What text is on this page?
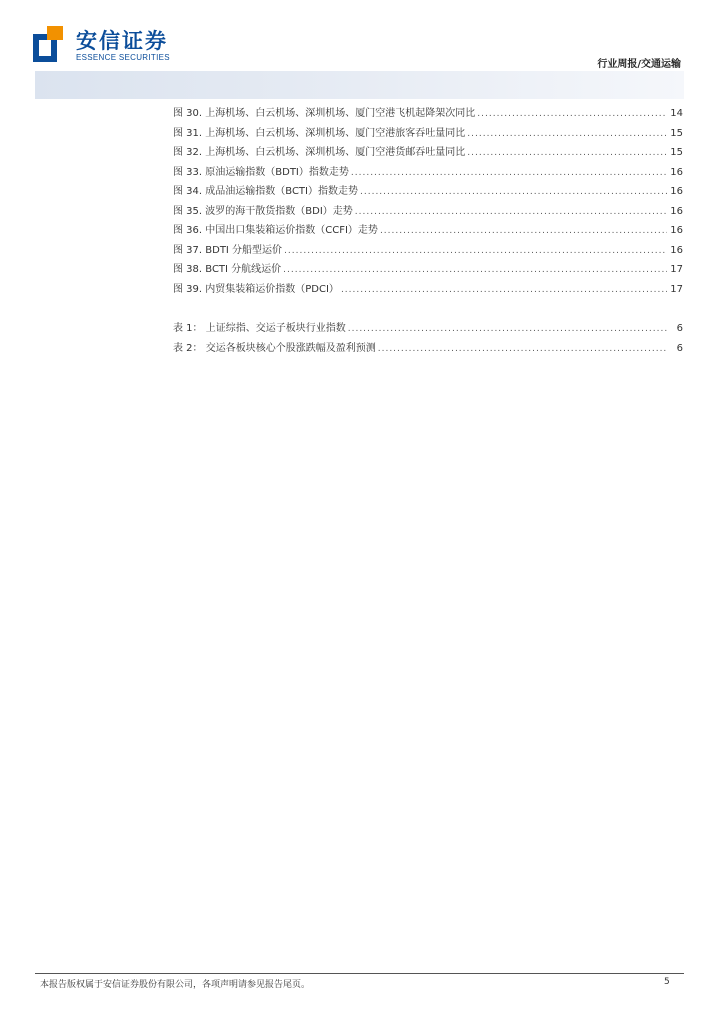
安信证券
ESSENCE SECURITIES
行业周报/交通运输
图 30. 上海机场、白云机场、深圳机场、厦门空港飞机起降架次同比 .....	14
图 31. 上海机场、白云机场、深圳机场、厦门空港旅客吞吐量同比 .....	15
图 32. 上海机场、白云机场、深圳机场、厦门空港货邮吞吐量同比 .....	15
图 33. 原油运输指数（BDTI）指数走势 .....	16
图 34. 成品油运输指数（BCTI）指数走势 .....	16
图 35. 波罗的海干散货指数（BDI）走势 .....	16
图 36. 中国出口集装箱运价指数（CCFI）走势 .....	16
图 37. BDTI 分船型运价 .....	16
图 38. BCTI 分航线运价 .....	17
图 39. 内贸集装箱运价指数（PDCI） .....	17
表 1： 上证综指、交运子板块行业指数 .....	6
表 2： 交运各板块核心个股涨跌幅及盈利预测 .....	6
本报告版权属于安信证券股份有限公司，各项声明请参见报告尾页。	5
